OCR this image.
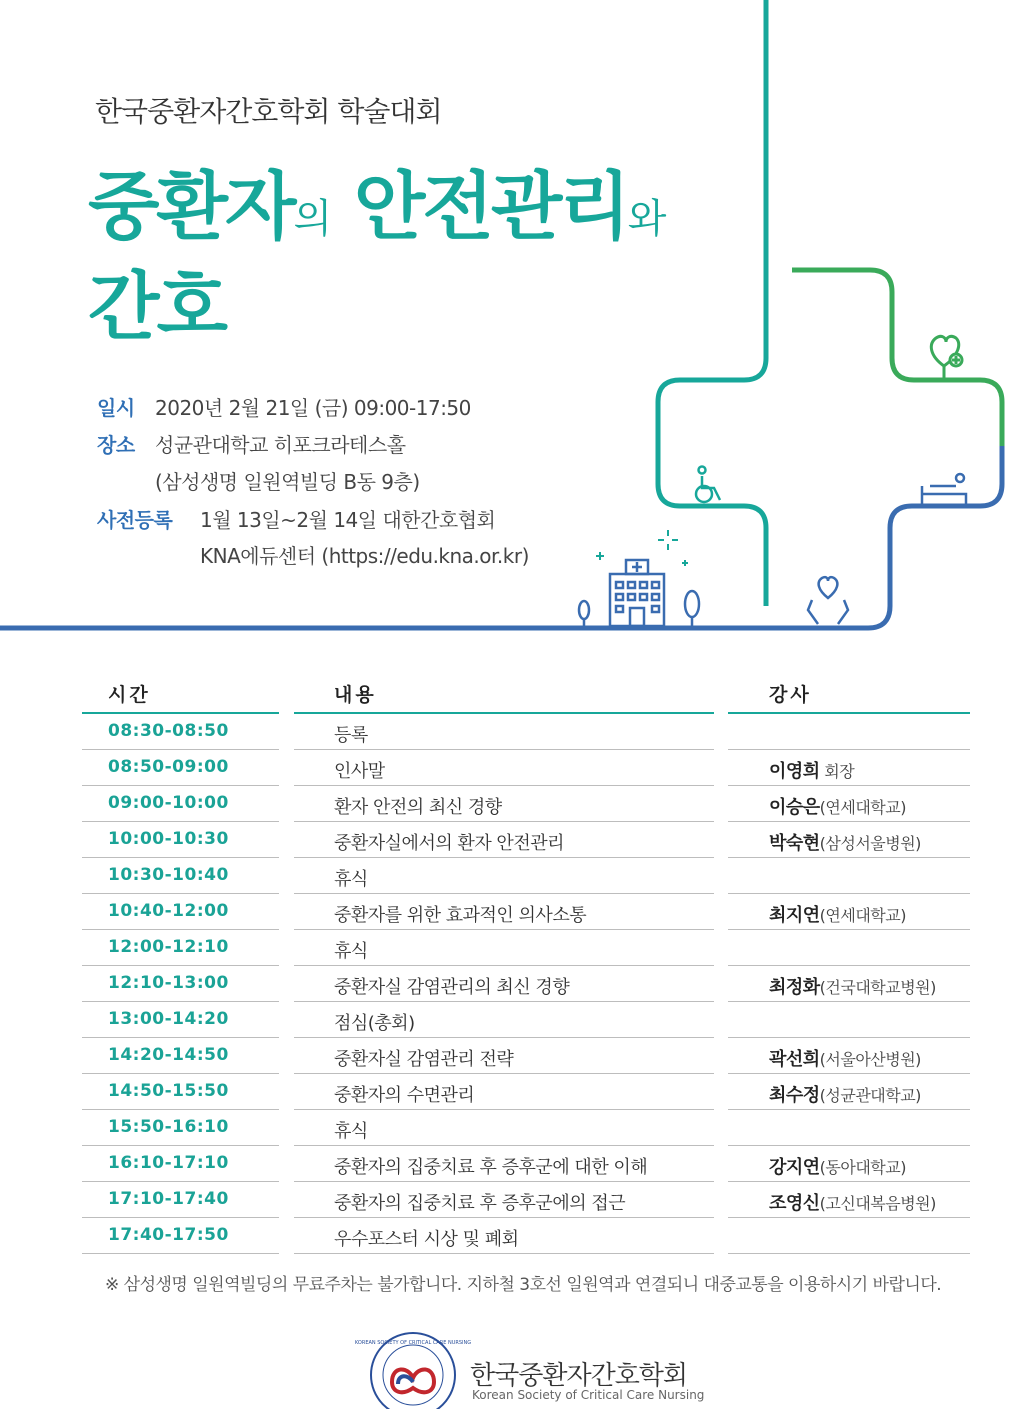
한국중환자간호학회 학술대회
중환자의 안전관리와
간호
일시 2020년 2월 21일 (금) 09:00-17:50
장소 성균관대학교 히포크라테스홀
(삼성생명 일원역빌딩 B동 9층)
사전등록 1월 13일~2월 14일 대한간호협회
KNA에듀센터 (https://edu.kna.or.kr)
시간	내용	강사
08:30-08:50	등록
08:50-09:00	인사말	이영희 회장
09:00-10:00	환자 안전의 최신 경향	이승은(연세대학교)
10:00-10:30	중환자실에서의 환자 안전관리	박숙현(삼성서울병원)
10:30-10:40	휴식
10:40-12:00	중환자를 위한 효과적인 의사소통	최지연(연세대학교)
12:00-12:10	휴식
12:10-13:00	중환자실 감염관리의 최신 경향	최정화(건국대학교병원)
13:00-14:20	점심(총회)
14:20-14:50	중환자실 감염관리 전략	곽선희(서울아산병원)
14:50-15:50	중환자의 수면관리	최수정(성균관대학교)
15:50-16:10	휴식
16:10-17:10	중환자의 집중치료 후 증후군에 대한 이해	강지연(동아대학교)
17:10-17:40	중환자의 집중치료 후 증후군에의 접근	조영신(고신대복음병원)
17:40-17:50	우수포스터 시상 및 폐회
※ 삼성생명 일원역빌딩의 무료주차는 불가합니다. 지하철 3호선 일원역과 연결되니 대중교통을 이용하시기 바랍니다.
KOREAN SOCIETY OF CRITICAL CARE NURSING
한국중환자간호학회
Korean Society of Critical Care Nursing
